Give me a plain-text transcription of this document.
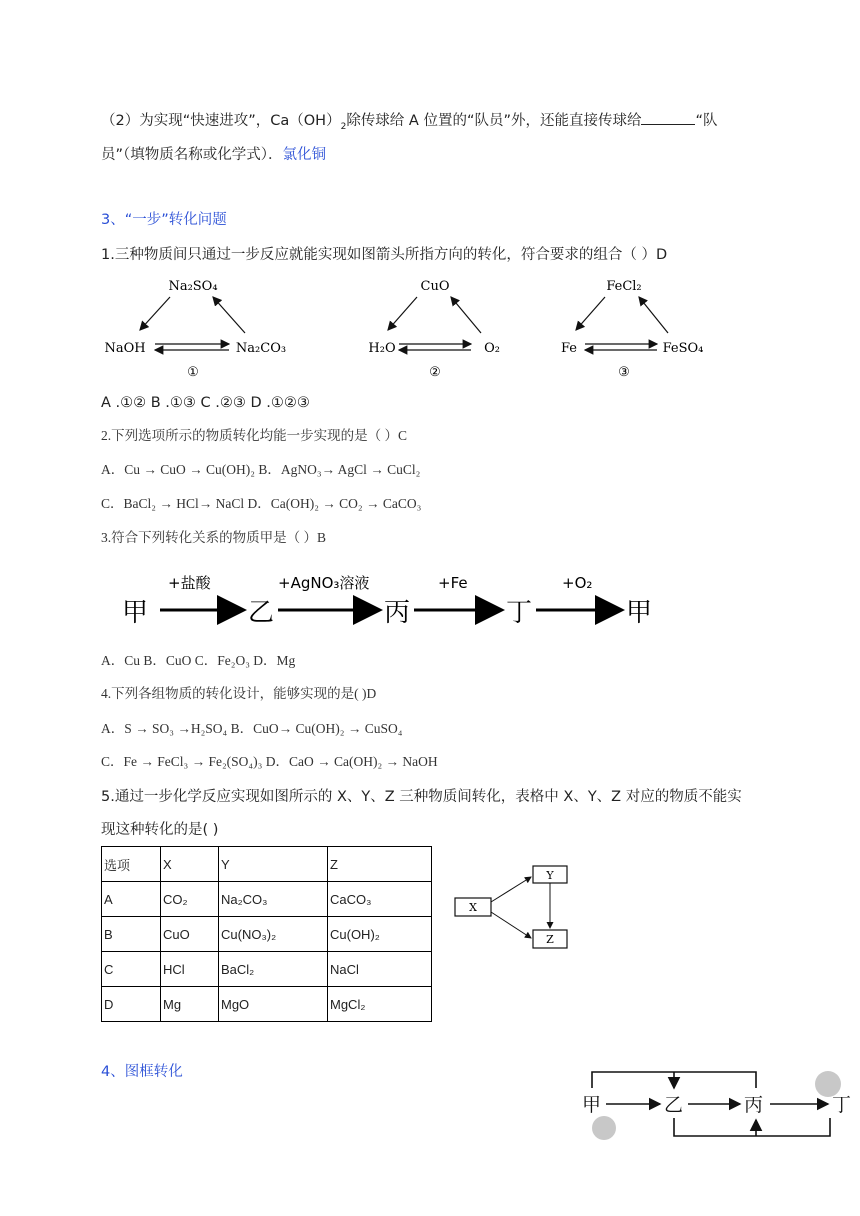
（2）为实现“快速进攻”，$Ca(OH)_2$除传球给 A 位置的“队员”外，还能直接传球给	“队
员”（填物质名称或化学式）．氯化铜
3、“一步”转化问题
1.三种物质间只通过一步反应就能实现如图箭头所指方向的转化，符合要求的组合（ ）D
Na₂SO₄
NaOH	Na₂CO₃
①
CuO
H₂O	O₂
②
FeCl₂
Fe	FeSO₄
③
A .①② B .①③ C .②③ D .①②③
2.下列选项所示的物质转化均能一步实现的是（ ）C
A．Cu → CuO → Cu(OH)₂ B．AgNO₃→ AgCl → CuCl₂
C．BaCl₂ → HCl→ NaCl D．Ca(OH)₂ → CO₂ → CaCO₃
3.符合下列转化关系的物质甲是（ ）B
甲	乙	丙	丁	甲
+盐酸	+AgNO₃溶液	+Fe	+O₂
A．Cu B．CuO C．Fe₂O₃ D．Mg
4.下列各组物质的转化设计，能够实现的是( )D
A．S → SO₃ →H₂SO₄ B．CuO→ Cu(OH)₂ → CuSO₄
C．Fe → FeCl₃ → Fe₂(SO₄)₃ D．CaO → Ca(OH)₂ → NaOH
5.通过一步化学反应实现如图所示的 X、Y、Z 三种物质间转化，表格中 X、Y、Z 对应的物质不能实
现这种转化的是( )
选项	X	Y	Z
A	CO₂	Na₂CO₃	CaCO₃
B	CuO	Cu(NO₃)₂	Cu(OH)₂
C	HCl	BaCl₂	NaCl
D	Mg	MgO	MgCl₂
X
Y
Z
4、图框转化
甲	乙	丙	丁
